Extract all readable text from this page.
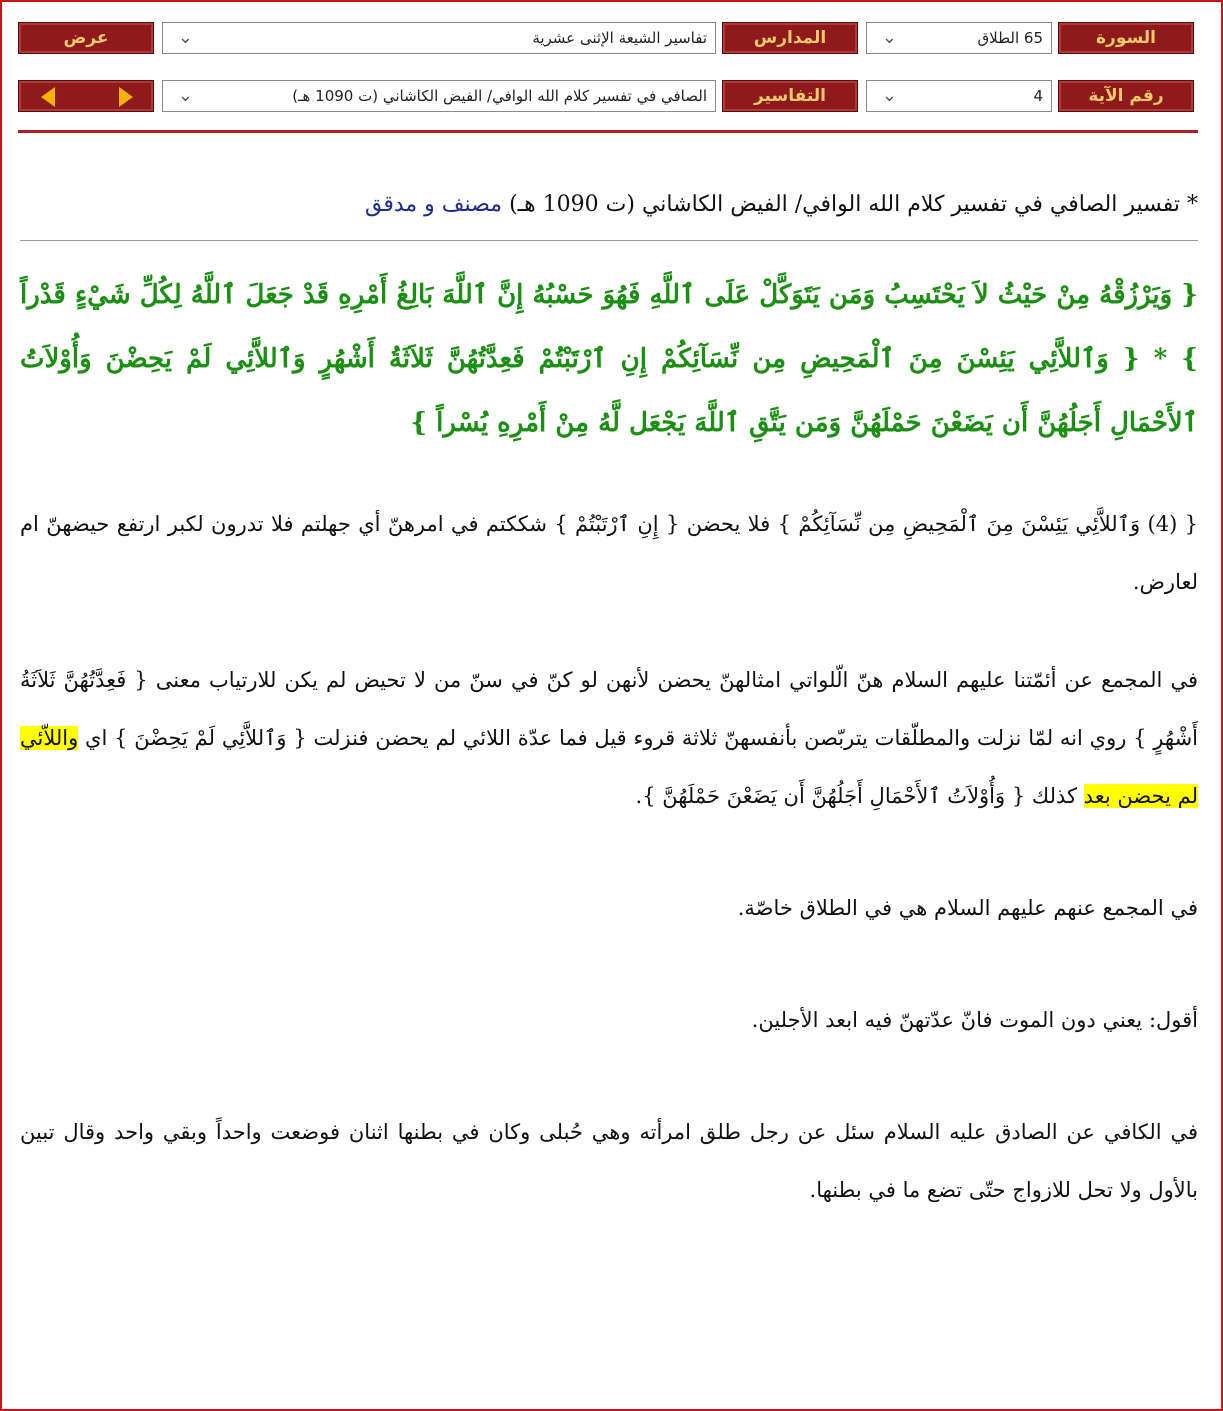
السورة
65 الطلاق
⌄
المدارس
تفاسير الشيعة الإثنى عشرية
⌄
عرض
رقم الآية
4
⌄
التفاسير
الصافي في تفسير كلام الله الوافي/ الفيض الكاشاني (ت 1090 هـ)
⌄

* تفسير الصافي في تفسير كلام الله الوافي/ الفيض الكاشاني (ت 1090 هـ) مصنف و مدقق

{ وَيَرْزُقْهُ مِنْ حَيْثُ لاَ يَحْتَسِبُ وَمَن يَتَوَكَّلْ عَلَى ٱللَّهِ فَهُوَ حَسْبُهُ إِنَّ ٱللَّهَ بَالِغُ أَمْرِهِ قَدْ جَعَلَ ٱللَّهُ لِكُلِّ شَيْءٍ قَدْراً } * { وَٱللاَّئِي يَئِسْنَ مِنَ ٱلْمَحِيضِ مِن نِّسَآئِكُمْ إِنِ ٱرْتَبْتُمْ فَعِدَّتُهُنَّ ثَلاَثَةُ أَشْهُرٍ وَٱللاَّئِي لَمْ يَحِضْنَ وَأُوْلاَتُ ٱلأَحْمَالِ أَجَلُهُنَّ أَن يَضَعْنَ حَمْلَهُنَّ وَمَن يَتَّقِ ٱللَّهَ يَجْعَل لَّهُ مِنْ أَمْرِهِ يُسْراً }

{ (4) وَٱللاَّئِي يَئِسْنَ مِنَ ٱلْمَحِيضِ مِن نِّسَآئِكُمْ } فلا يحضن { إِنِ ٱرْتَبْتُمْ } شككتم في امرهنّ أي جهلتم فلا تدرون لكبر ارتفع حيضهنّ ام لعارض.

في المجمع عن أئمّتنا عليهم السلام هنّ الّلواتي امثالهنّ يحضن لأنهن لو كنّ في سنّ من لا تحيض لم يكن للارتياب معنى { فَعِدَّتُهُنَّ ثَلاَثَةُ أَشْهُرٍ } روي انه لمّا نزلت والمطلّقات يتربّصن بأنفسهنّ ثلاثة قروء قيل فما عدّة اللائي لم يحضن فنزلت { وَٱللاَّئِي لَمْ يَحِضْنَ } اي واللاّئي لم يحضن بعد كذلك { وَأُوْلاَتُ ٱلأَحْمَالِ أَجَلُهُنَّ أَن يَضَعْنَ حَمْلَهُنَّ }.

في المجمع عنهم عليهم السلام هي في الطلاق خاصّة.

أقول: يعني دون الموت فانّ عدّتهنّ فيه ابعد الأجلين.

في الكافي عن الصادق عليه السلام سئل عن رجل طلق امرأته وهي حُبلى وكان في بطنها اثنان فوضعت واحداً وبقي واحد وقال تبين بالأول ولا تحل للازواج حتّى تضع ما في بطنها.
